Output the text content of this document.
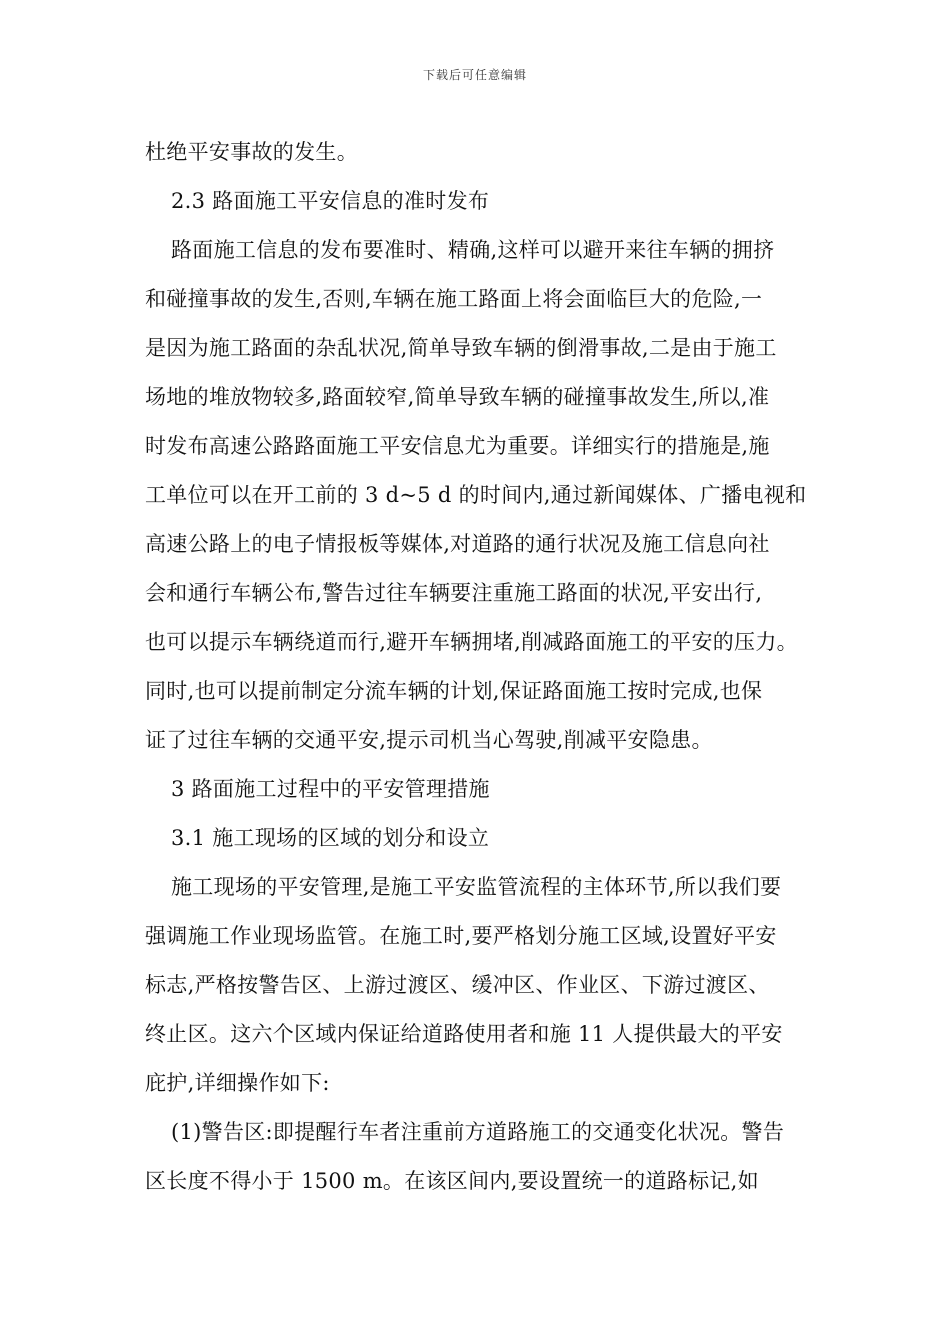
下载后可任意编辑
杜绝平安事故的发生。
2.3 路面施工平安信息的准时发布
路面施工信息的发布要准时、精确,这样可以避开来往车辆的拥挤
和碰撞事故的发生,否则,车辆在施工路面上将会面临巨大的危险,一
是因为施工路面的杂乱状况,简单导致车辆的倒滑事故,二是由于施工
场地的堆放物较多,路面较窄,简单导致车辆的碰撞事故发生,所以,准
时发布高速公路路面施工平安信息尤为重要。详细实行的措施是,施
工单位可以在开工前的 3 d~5 d 的时间内,通过新闻媒体、广播电视和
高速公路上的电子情报板等媒体,对道路的通行状况及施工信息向社
会和通行车辆公布,警告过往车辆要注重施工路面的状况,平安出行,
也可以提示车辆绕道而行,避开车辆拥堵,削减路面施工的平安的压力。
同时,也可以提前制定分流车辆的计划,保证路面施工按时完成,也保
证了过往车辆的交通平安,提示司机当心驾驶,削减平安隐患。
3 路面施工过程中的平安管理措施
3.1 施工现场的区域的划分和设立
施工现场的平安管理,是施工平安监管流程的主体环节,所以我们要
强调施工作业现场监管。在施工时,要严格划分施工区域,设置好平安
标志,严格按警告区、上游过渡区、缓冲区、作业区、下游过渡区、
终止区。这六个区域内保证给道路使用者和施 11 人提供最大的平安
庇护,详细操作如下:
(1)警告区:即提醒行车者注重前方道路施工的交通变化状况。警告
区长度不得小于 1500 m。在该区间内,要设置统一的道路标记,如
